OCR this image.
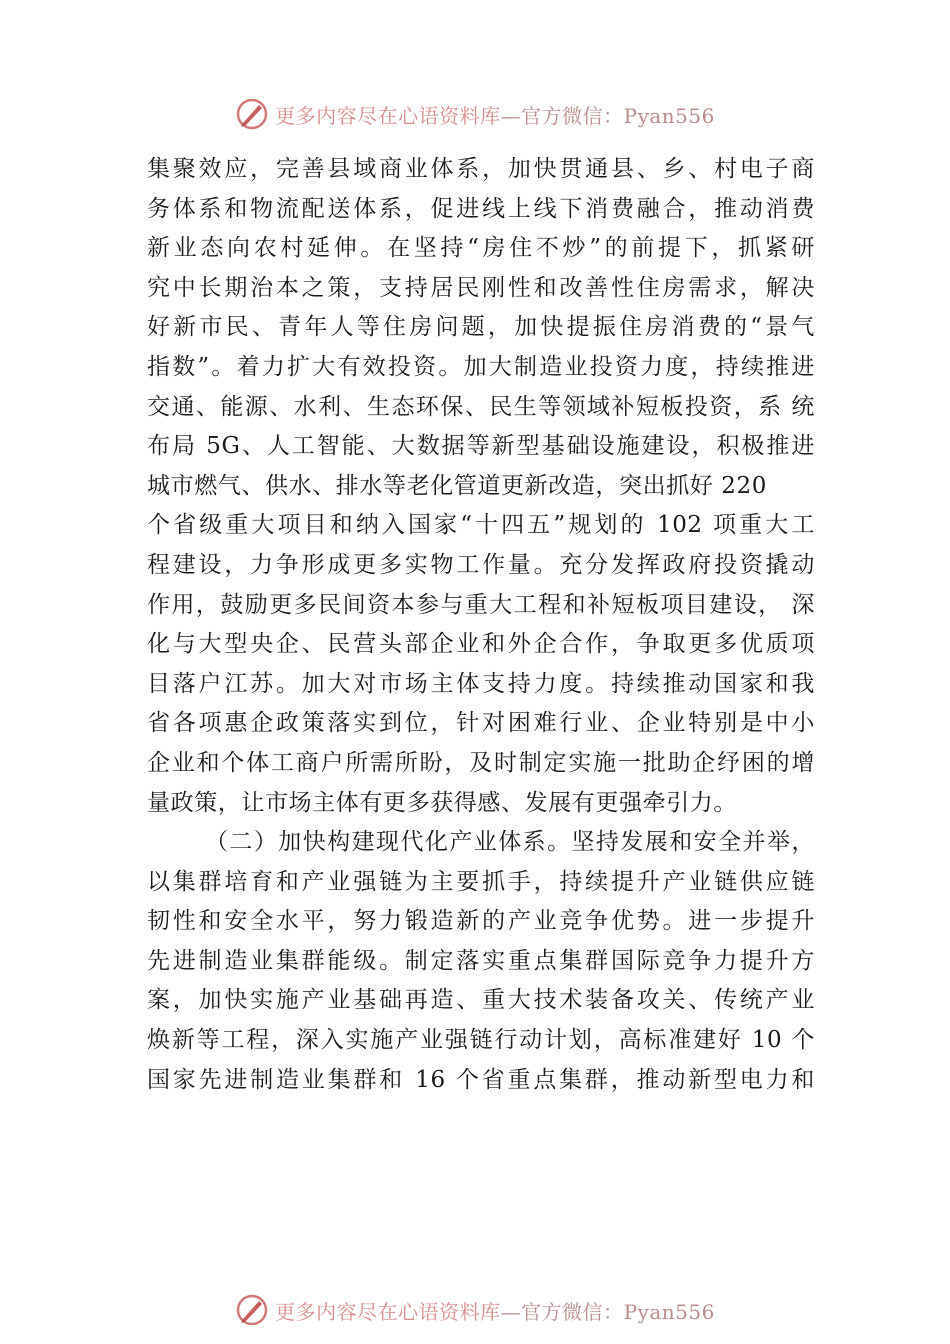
更多内容尽在心语资料库—官方微信：Pyan556
集聚效应，完善县域商业体系，加快贯通县、乡、村电子商
务体系和物流配送体系，促进线上线下消费融合，推动消费
新业态向农村延伸。在坚持“房住不炒”的前提下，抓紧研
究中长期治本之策，支持居民刚性和改善性住房需求，解决
好新市民、青年人等住房问题，加快提振住房消费的“景气
指数”。着力扩大有效投资。加大制造业投资力度，持续推进
交通、能源、水利、生态环保、民生等领域补短板投资，系 统
布局 5G、人工智能、大数据等新型基础设施建设，积极推进
城市燃气、供水、排水等老化管道更新改造，突出抓好 220
个省级重大项目和纳入国家“十四五”规划的 102 项重大工
程建设，力争形成更多实物工作量。充分发挥政府投资撬动
作用，鼓励更多民间资本参与重大工程和补短板项目建设， 深
化与大型央企、民营头部企业和外企合作，争取更多优质项
目落户江苏。加大对市场主体支持力度。持续推动国家和我
省各项惠企政策落实到位，针对困难行业、企业特别是中小
企业和个体工商户所需所盼，及时制定实施一批助企纾困的增
量政策，让市场主体有更多获得感、发展有更强牵引力。
（二）加快构建现代化产业体系。坚持发展和安全并举，
以集群培育和产业强链为主要抓手，持续提升产业链供应链
韧性和安全水平，努力锻造新的产业竞争优势。进一步提升
先进制造业集群能级。制定落实重点集群国际竞争力提升方
案，加快实施产业基础再造、重大技术装备攻关、传统产业
焕新等工程，深入实施产业强链行动计划，高标准建好 10 个
国家先进制造业集群和 16 个省重点集群，推动新型电力和
更多内容尽在心语资料库—官方微信：Pyan556
